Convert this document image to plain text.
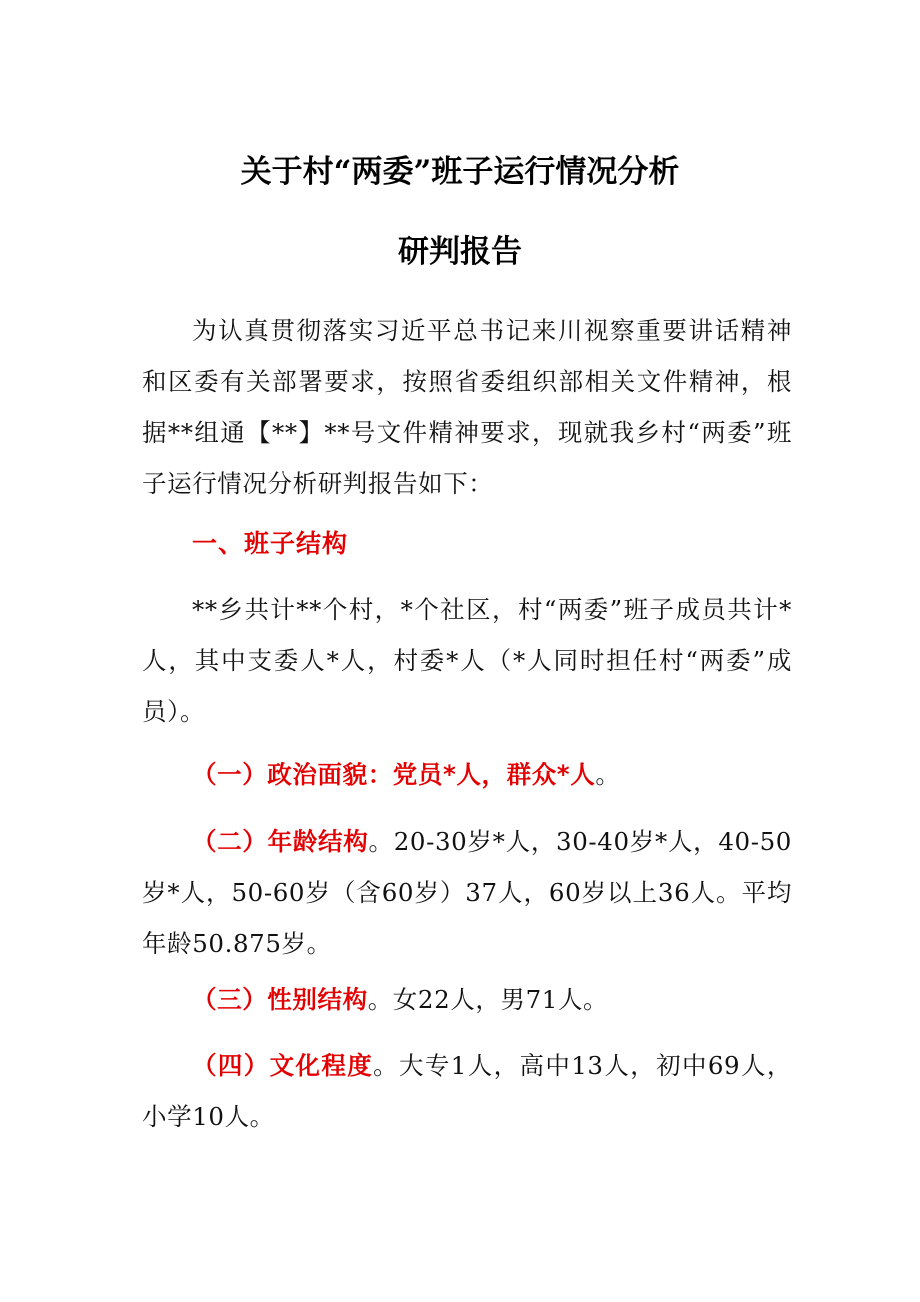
关于村“两委”班子运行情况分析
研判报告

为认真贯彻落实习近平总书记来川视察重要讲话精神和区委有关部署要求，按照省委组织部相关文件精神，根据**组通【**】**号文件精神要求，现就我乡村“两委”班子运行情况分析研判报告如下：

一、班子结构

**乡共计**个村，*个社区，村“两委”班子成员共计*人，其中支委人*人，村委*人（*人同时担任村“两委”成员）。

（一）政治面貌：党员*人，群众*人。

（二）年龄结构。20-30岁*人，30-40岁*人，40-50岁*人，50-60岁（含60岁）37人，60岁以上36人。平均年龄50.875岁。

（三）性别结构。女22人，男71人。

（四）文化程度。大专1人，高中13人，初中69人，小学10人。
